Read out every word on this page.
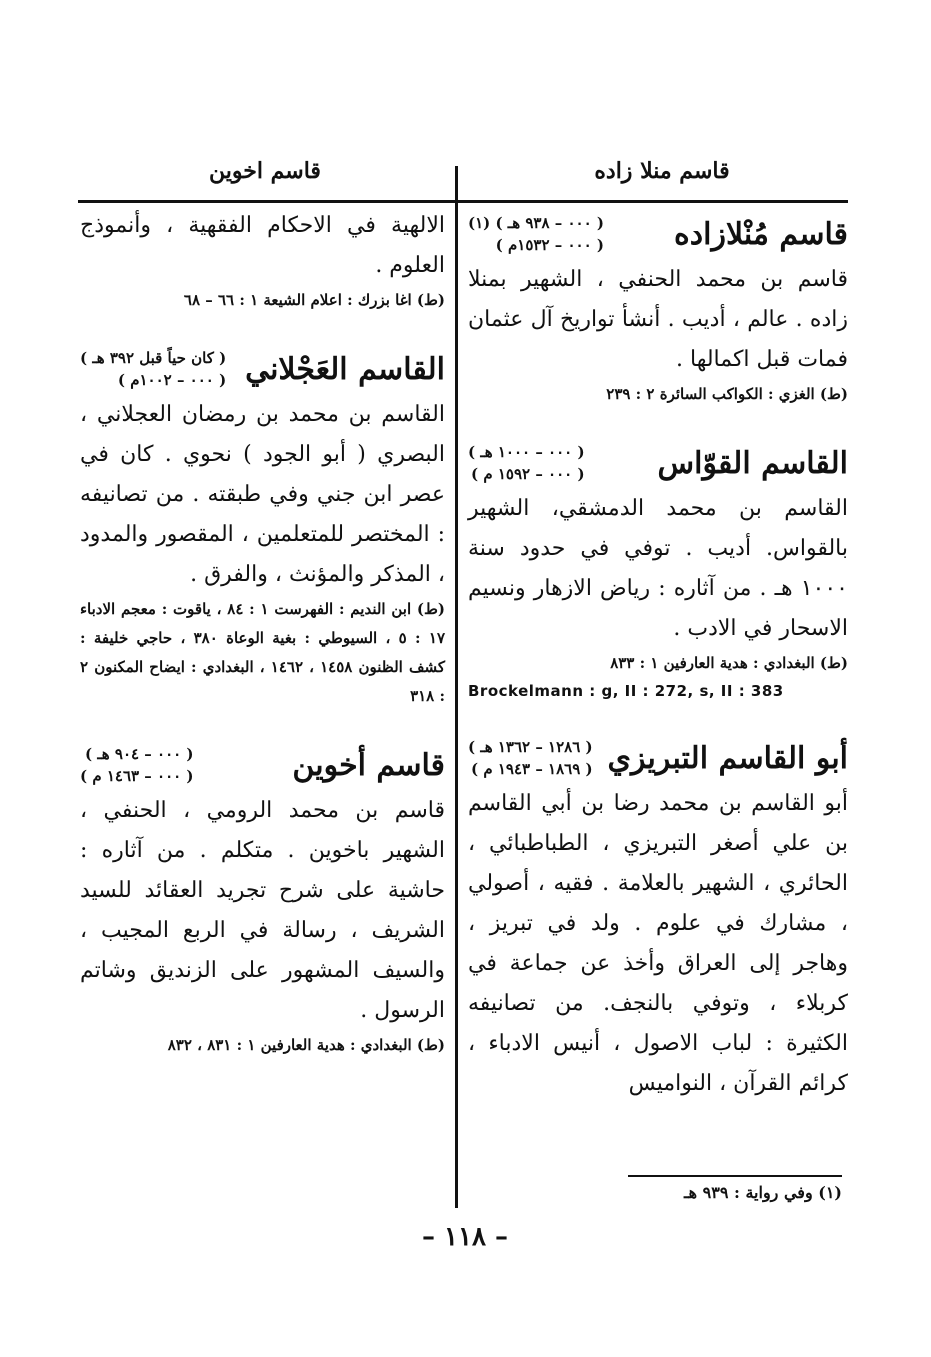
قاسم منلا زاده
قاسم اخوين
قاسم مُنْلازاده
( ٠٠٠ – ٩٣٨ هـ ) (١)
( ٠٠٠ – ١٥٣٢م )

قاسم بن محمد الحنفي ، الشهير بمنلا زاده . عالم ، أديب . أنشأ تواريخ آل عثمان فمات قبل اكمالها .

(ط) الغزي : الكواكب السائرة ٢ : ٢٣٩

القاسم القوّاس
( ٠٠٠ – ١٠٠٠ هـ )
( ٠٠٠ – ١٥٩٢ م )

القاسم بن محمد الدمشقي، الشهير بالقواس. أديب . توفي في حدود سنة ١٠٠٠ هـ . من آثاره : رياض الازهار ونسيم الاسحار في الادب .

(ط) البغدادي : هدية العارفين ١ : ٨٣٣

Brockelmann : g, II : 272, s, II : 383
أبو القاسم التبريزي
( ١٢٨٦ – ١٣٦٢ هـ )
( ١٨٦٩ – ١٩٤٣ م )

أبو القاسم بن محمد رضا بن أبي القاسم بن علي أصغر التبريزي ، الطباطبائي ، الحائري ، الشهير بالعلامة . فقيه ، أصولي ، مشارك في علوم . ولد في تبريز ، وهاجر إلى العراق وأخذ عن جماعة في كربلاء ، وتوفي بالنجف. من تصانيفه الكثيرة : لباب الاصول ، أنيس الادباء ، كرائم القرآن ، النواميس

الالهية في الاحكام الفقهية ، وأنموذج العلوم .

(ط) اغا بزرك : اعلام الشيعة ١ : ٦٦ – ٦٨

القاسم العَجْلاني
( كان حياً قبل ٣٩٢ هـ )
( ٠٠٠ – ١٠٠٢م )

القاسم بن محمد بن رمضان العجلاني ، البصري ( أبو الجود ) نحوي . كان في عصر ابن جني وفي طبقته . من تصانيفه : المختصر للمتعلمين ، المقصور والمدود ، المذكر والمؤنث ، والفرق .

(ط) ابن النديم : الفهرست ١ : ٨٤ ، ياقوت : معجم الادباء ١٧ : ٥ ، السيوطي : بغية الوعاة ٣٨٠ ، حاجي خليفة : كشف الظنون ١٤٥٨ ، ١٤٦٢ ، البغدادي : ايضاح المكنون ٢ : ٣١٨

قاسم أخوين
( ٠٠٠ – ٩٠٤ هـ )
( ٠٠٠ – ١٤٦٣ م )

قاسم بن محمد الرومي ، الحنفي ، الشهير باخوين . متكلم . من آثاره : حاشية على شرح تجريد العقائد للسيد الشريف ، رسالة في الربع المجيب ، والسيف المشهور على الزنديق وشاتم الرسول .

(ط) البغدادي : هدية العارفين ١ : ٨٣١ ، ٨٣٢

(١) وفي رواية : ٩٣٩ هـ
– ١١٨ –
